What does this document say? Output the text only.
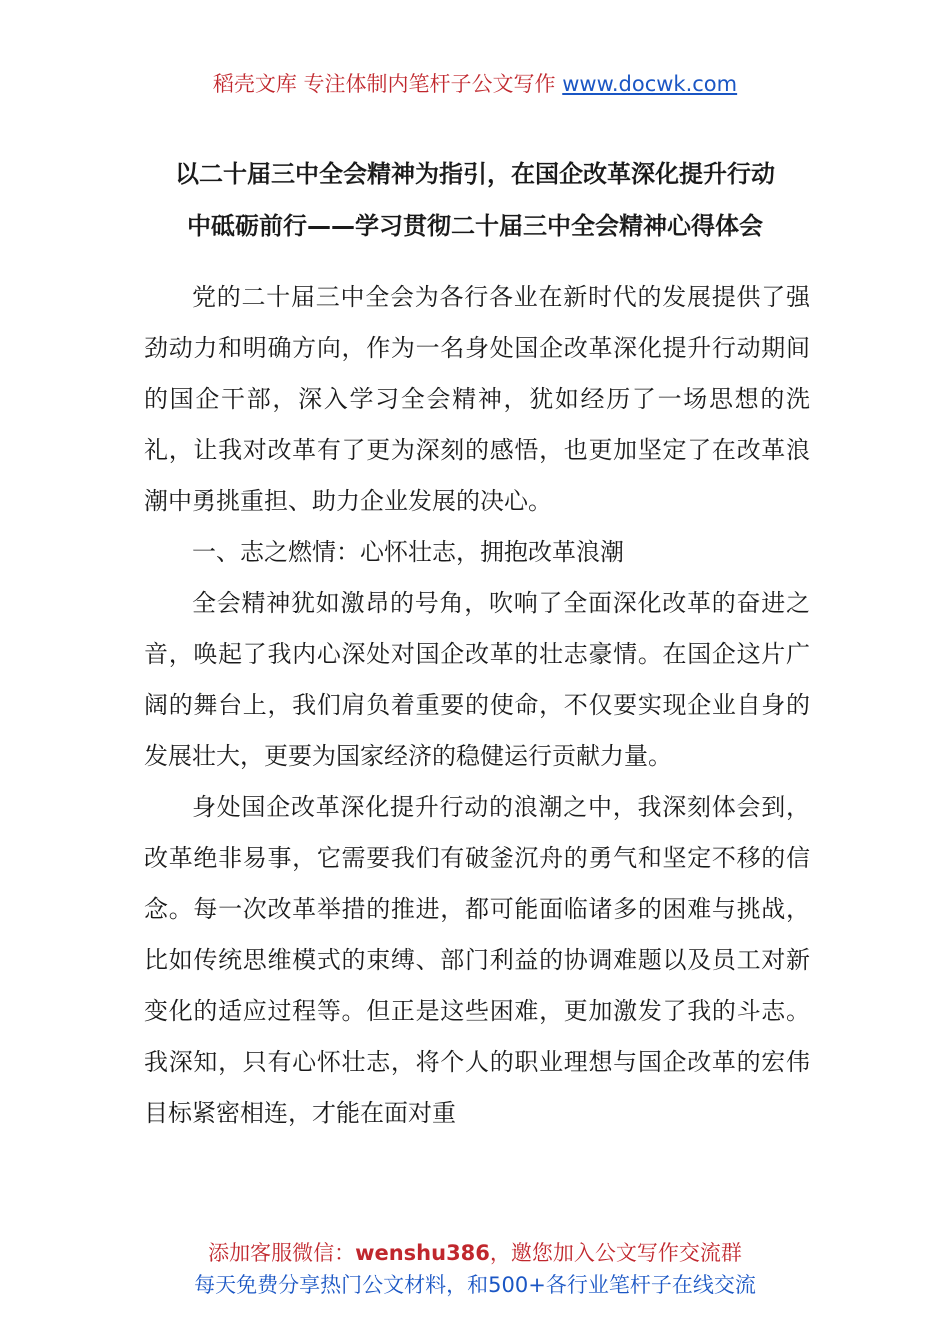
稻壳文库 专注体制内笔杆子公文写作 www.docwk.com
以二十届三中全会精神为指引，在国企改革深化提升行动
中砥砺前行——学习贯彻二十届三中全会精神心得体会

党的二十届三中全会为各行各业在新时代的发展提供了强劲动力和明确方向，作为一名身处国企改革深化提升行动期间的国企干部，深入学习全会精神，犹如经历了一场思想的洗礼，让我对改革有了更为深刻的感悟，也更加坚定了在改革浪潮中勇挑重担、助力企业发展的决心。

一、志之燃情：心怀壮志，拥抱改革浪潮

全会精神犹如激昂的号角，吹响了全面深化改革的奋进之音，唤起了我内心深处对国企改革的壮志豪情。在国企这片广阔的舞台上，我们肩负着重要的使命，不仅要实现企业自身的发展壮大，更要为国家经济的稳健运行贡献力量。

身处国企改革深化提升行动的浪潮之中，我深刻体会到，改革绝非易事，它需要我们有破釜沉舟的勇气和坚定不移的信念。每一次改革举措的推进，都可能面临诸多的困难与挑战，比如传统思维模式的束缚、部门利益的协调难题以及员工对新变化的适应过程等。但正是这些困难，更加激发了我的斗志。我深知，只有心怀壮志，将个人的职业理想与国企改革的宏伟目标紧密相连，才能在面对重

添加客服微信：wenshu386，邀您加入公文写作交流群
每天免费分享热门公文材料，和500+各行业笔杆子在线交流
